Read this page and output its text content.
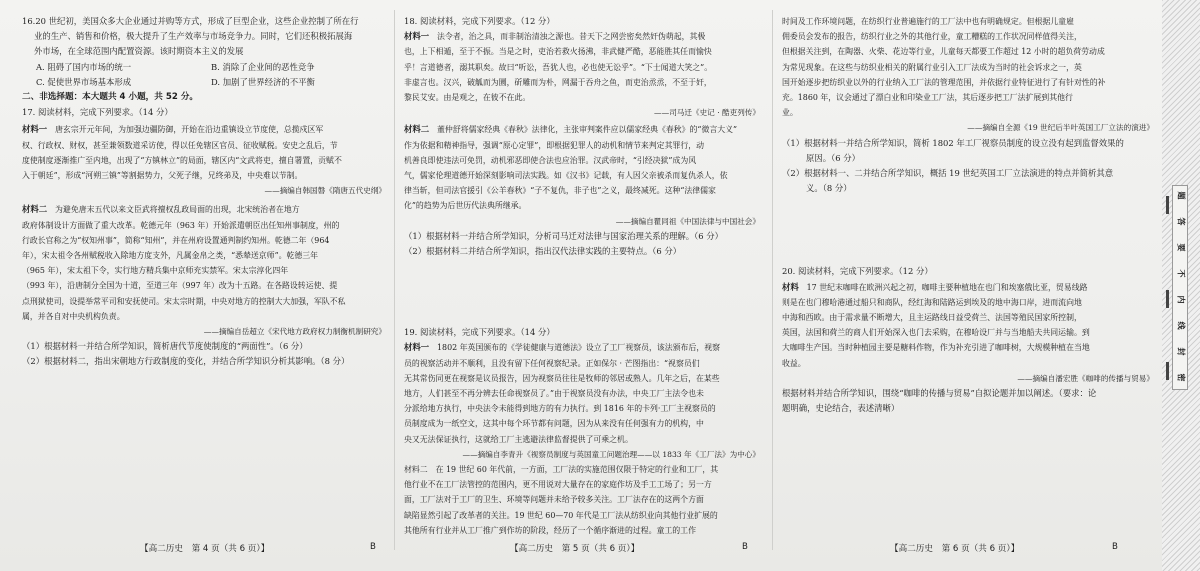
16.20 世纪初，美国众多大企业通过并购等方式，形成了巨型企业，这些企业控制了所在行

业的生产、销售和价格，极大提升了生产效率与市场竞争力。同时，它们还积极拓展海

外市场，在全球范围内配置资源。该时期资本主义的发展

A. 阻碍了国内市场的统一	B. 消除了企业间的恶性竞争
C. 促使世界市场基本形成	D. 加剧了世界经济的不平衡

二、非选择题：本大题共 4 小题，共 52 分。

17. 阅读材料，完成下列要求。（14 分）

材料一　 唐玄宗开元年间，为加强边疆防御，开始在沿边重镇设立节度使，总揽戍区军

权、行政权、财权，甚至兼领数道采访使，得以任免辖区官员、征收赋税。安史之乱后，节

度使制度逐渐推广至内地，出现了“方镇林立”的局面，辖区内“文武将吏，擅自署置，贡赋不

入于朝廷”，形成“河朔三镇”等割据势力，父死子继，兄终弟及，中央难以节制。

——摘编自韩国磐《隋唐五代史纲》

材料二　 为避免唐末五代以来文臣武将擅权乱政局面的出现，北宋统治者在地方

政府体制设计方面做了重大改革。乾德元年（963 年）开始派遣朝臣出任知州事制度，州的

行政长官称之为“权知州事”，简称“知州”，并在州府设置通判制约知州。乾德二年（964

年），宋太祖令各州赋税收入除地方度支外，凡属金帛之类，“悉辇送京师”。乾德三年

（965 年），宋太祖下令，实行地方精兵集中京师充实禁军。宋太宗淳化四年

（993 年），沿唐制分全国为十道，至道三年（997 年）改为十五路。在各路设转运使、提

点刑狱使司，设提举常平司和安抚使司。宋太宗时期，中央对地方的控制大大加强，军队不私

属，并各自对中央机构负责。

——摘编自岳超立《宋代地方政府权力制衡机制研究》

（1）根据材料一并结合所学知识，简析唐代节度使制度的“两面性”。（6 分）

（2）根据材料二，指出宋朝地方行政制度的变化，并结合所学知识分析其影响。（8 分）

【高二历史　第 4 页（共 6 页）】	B

18. 阅读材料，完成下列要求。（12 分）

材料一　 法令者，治之具，而非制治清浊之源也。昔天下之网尝密矣然奸伪萌起，其极

也，上下相遁，至于不振。当是之时，吏治若救火扬沸，非武健严酷，恶能胜其任而愉快

乎！言道德者，溺其职矣。故曰“听讼，吾犹人也，必也使无讼乎”。“下士闻道大笑之”。

非虚言也。汉兴，破觚而为圜，斫雕而为朴，网漏于吞舟之鱼，而吏治烝烝，不至于奸，

黎民艾安。由是观之，在彼不在此。

——司马迁《史记 · 酷吏列传》

材料二　 董仲舒将儒家经典《春秋》法律化，主张审判案件应以儒家经典《春秋》的“微言大义”

作为依据和精神指导，强调“原心定罪”，即根据犯罪人的动机和情节来判定其罪行，动

机善良即使违法可免罚，动机邪恶即使合法也应治罪。汉武帝时，“引经决狱”成为风

气，儒家伦理道德开始深刻影响司法实践。如《汉书》记载，有人因父亲被杀而复仇杀人，依

律当斩，但司法官援引《公羊春秋》“子不复仇，非子也”之义，最终减死。这种“法律儒家

化”的趋势为后世历代法典所继承。

——摘编自瞿同祖《中国法律与中国社会》

（1）根据材料一并结合所学知识，分析司马迁对法律与国家治理关系的理解。（6 分）

（2）根据材料二并结合所学知识，指出汉代法律实践的主要特点。（6 分）

19. 阅读材料，完成下列要求。（14 分）

材料一　 1802 年英国颁布的《学徒健康与道德法》设立了工厂视察员，该法颁布后，视察

员的视察活动并不顺利，且没有留下任何视察纪录。正如保尔 · 芒图指出：“视察员们

无其常伤同更在视察是议员报告，因为视察员往往是牧师的邻居或熟人。几年之后，在某些

地方，人们甚至不再分辨去任命视察员了。”由于视察员没有办法，中央工厂主法令也未

分派给地方执行，中央法令未能得到地方的有力执行。到 1816 年的卡列·工厂主视察员的

员制度成为一纸空文，这其中每个环节都有问题，因为从来没有任何强有力的机构，中

央又无法保证执行，这就给工厂主逃避法律监督提供了可乘之机。

——摘编自李青升《视察员制度与英国童工问题治理——以 1833 年《工厂法》为中心》

材料二　在 19 世纪 60 年代前，一方面，工厂法的实施范围仅限于特定的行业和工厂，其

他行业不在工厂法管控的范围内，更不用说对大量存在的家庭作坊及手工工场了；另一方

面，工厂法对于工厂的卫生、环境等问题并未给予较多关注。工厂法存在的这两个方面

缺陷显然引起了改革者的关注。19 世纪 60—70 年代是工厂法从纺织业向其他行业扩展的

其他所有行业并从工厂推广到作坊的阶段，经历了一个循序渐进的过程。童工的工作

【高二历史　第 5 页（共 6 页）】	B

时间及工作环境问题，在纺织行业普遍施行的工厂法中也有明确规定。但根据儿童雇

佣委员会发布的报告，纺织行业之外的其他行业，童工糟糕的工作状况同样值得关注，

但根据关注到，在陶器、火柴、花边等行业，儿童每天都要工作超过 12 小时的超负荷劳动成

为常见现象。在这些与纺织业相关的附属行业引入工厂法成为当时的社会诉求之一，英

国开始逐步把纺织业以外的行业纳入工厂法的管理范围，并依据行业特征进行了有针对性的补

充。1860 年，议会通过了漂白业和印染业工厂法，其后逐步把工厂法扩展到其他行

业。

——摘编自全源《19 世纪后半叶英国工厂立法的演进》

（1）根据材料一并结合所学知识，简析 1802 年工厂视察员制度的设立没有起到监督效果的

原因。（6 分）

（2）根据材料一、二并结合所学知识，概括 19 世纪英国工厂立法演进的特点并简析其意

义。（8 分）

20. 阅读材料，完成下列要求。（12 分）

材料　 17 世纪末咖啡在欧洲兴起之初，咖啡主要种植地在也门和埃塞俄比亚，贸易线路

则是在也门穆哈港通过船只和商队，经红海和陆路运到埃及的地中海口岸，进而流向地

中海和西欧。由于需求量不断增大，且主运路线日益受荷兰、法国等殖民国家所控制，

英国，法国和荷兰的商人们开始深入也门去采购，在穆哈设厂并与当地船夫共同运输。到

大咖啡生产国。当时种植园主要是糖料作物，作为补充引进了咖啡树，大规模种植在当地

收益。

——摘编自潘宏胜《咖啡的传播与贸易》

根据材料并结合所学知识，围绕“咖啡的传播与贸易”自拟论题并加以阐述。（要求：论

题明确，史论结合，表述清晰）

【高二历史　第 6 页（共 6 页）】	B
题
答
要
不
内
线
封
密
